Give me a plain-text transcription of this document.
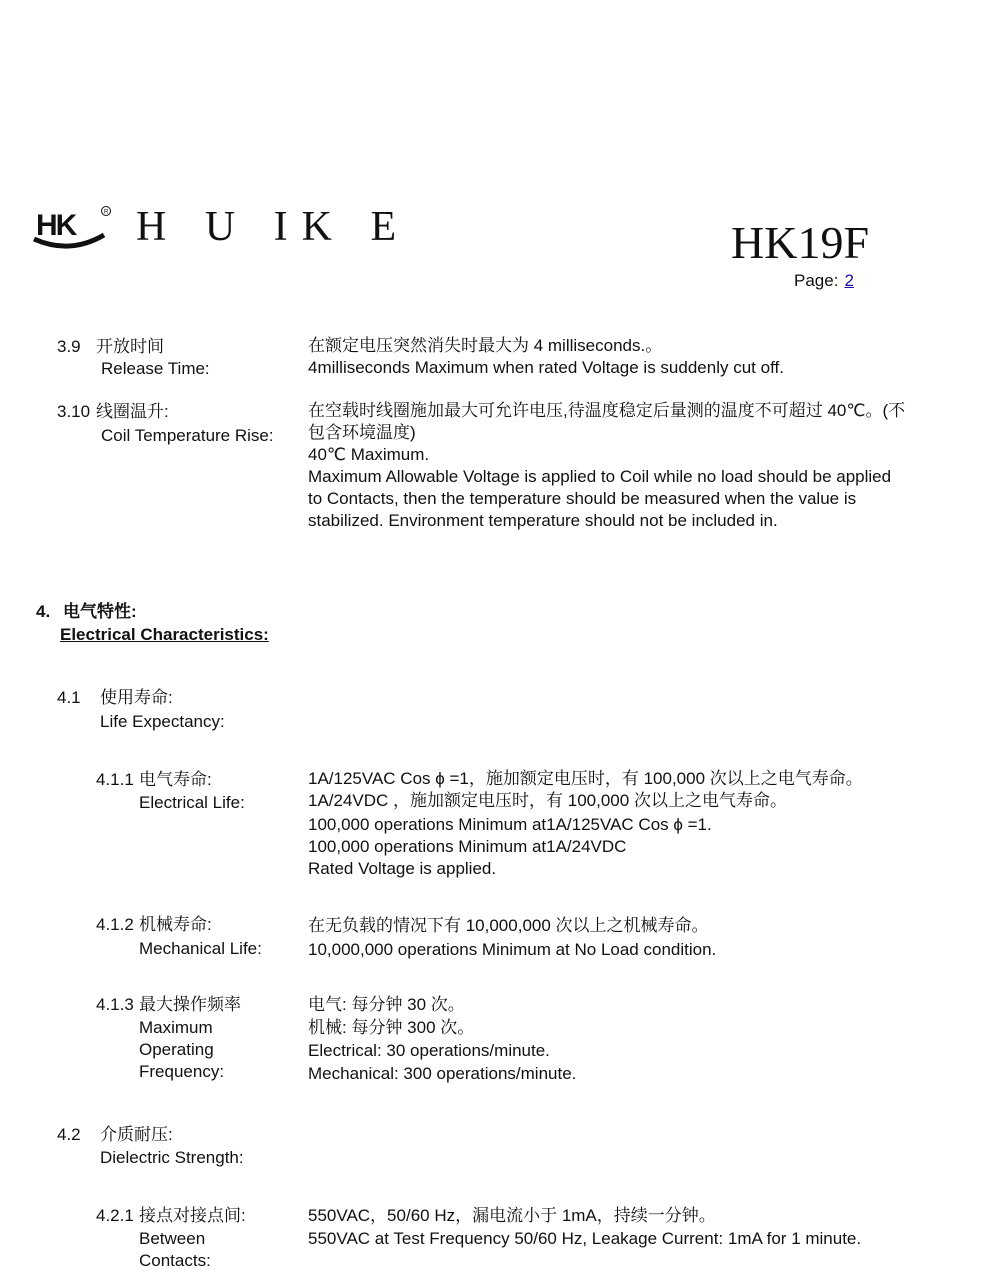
HK	R H U IK E	HK19F
Page: 2
3.9 开放时间
Release Time:
在额定电压突然消失时最大为 4 milliseconds.。
4milliseconds Maximum when rated Voltage is suddenly cut off.
3.10 线圈温升:
Coil Temperature Rise:
在空载时线圈施加最大可允许电压,待温度稳定后量测的温度不可超过 40℃。(不
包含环境温度)
40℃ Maximum.
Maximum Allowable Voltage is applied to Coil while no load should be applied
to Contacts, then the temperature should be measured when the value is
stabilized. Environment temperature should not be included in.
4. 电气特性:
Electrical Characteristics:
4.1 使用寿命:
Life Expectancy:
4.1.1 电气寿命:
Electrical Life:
1A/125VAC Cos ϕ =1，施加额定电压时，有 100,000 次以上之电气寿命。
1A/24VDC ，施加额定电压时，有 100,000 次以上之电气寿命。
100,000 operations Minimum at1A/125VAC Cos ϕ =1.
100,000 operations Minimum at1A/24VDC
Rated Voltage is applied.
4.1.2 机械寿命:
Mechanical Life:
在无负载的情况下有 10,000,000 次以上之机械寿命。
10,000,000 operations Minimum at No Load condition.
4.1.3 最大操作频率
Maximum
Operating
Frequency:
电气: 每分钟 30 次。
机械: 每分钟 300 次。
Electrical: 30 operations/minute.
Mechanical: 300 operations/minute.
4.2 介质耐压:
Dielectric Strength:
4.2.1 接点对接点间:
Between
Contacts:
550VAC，50/60 Hz，漏电流小于 1mA，持续一分钟。
550VAC at Test Frequency 50/60 Hz, Leakage Current: 1mA for 1 minute.
